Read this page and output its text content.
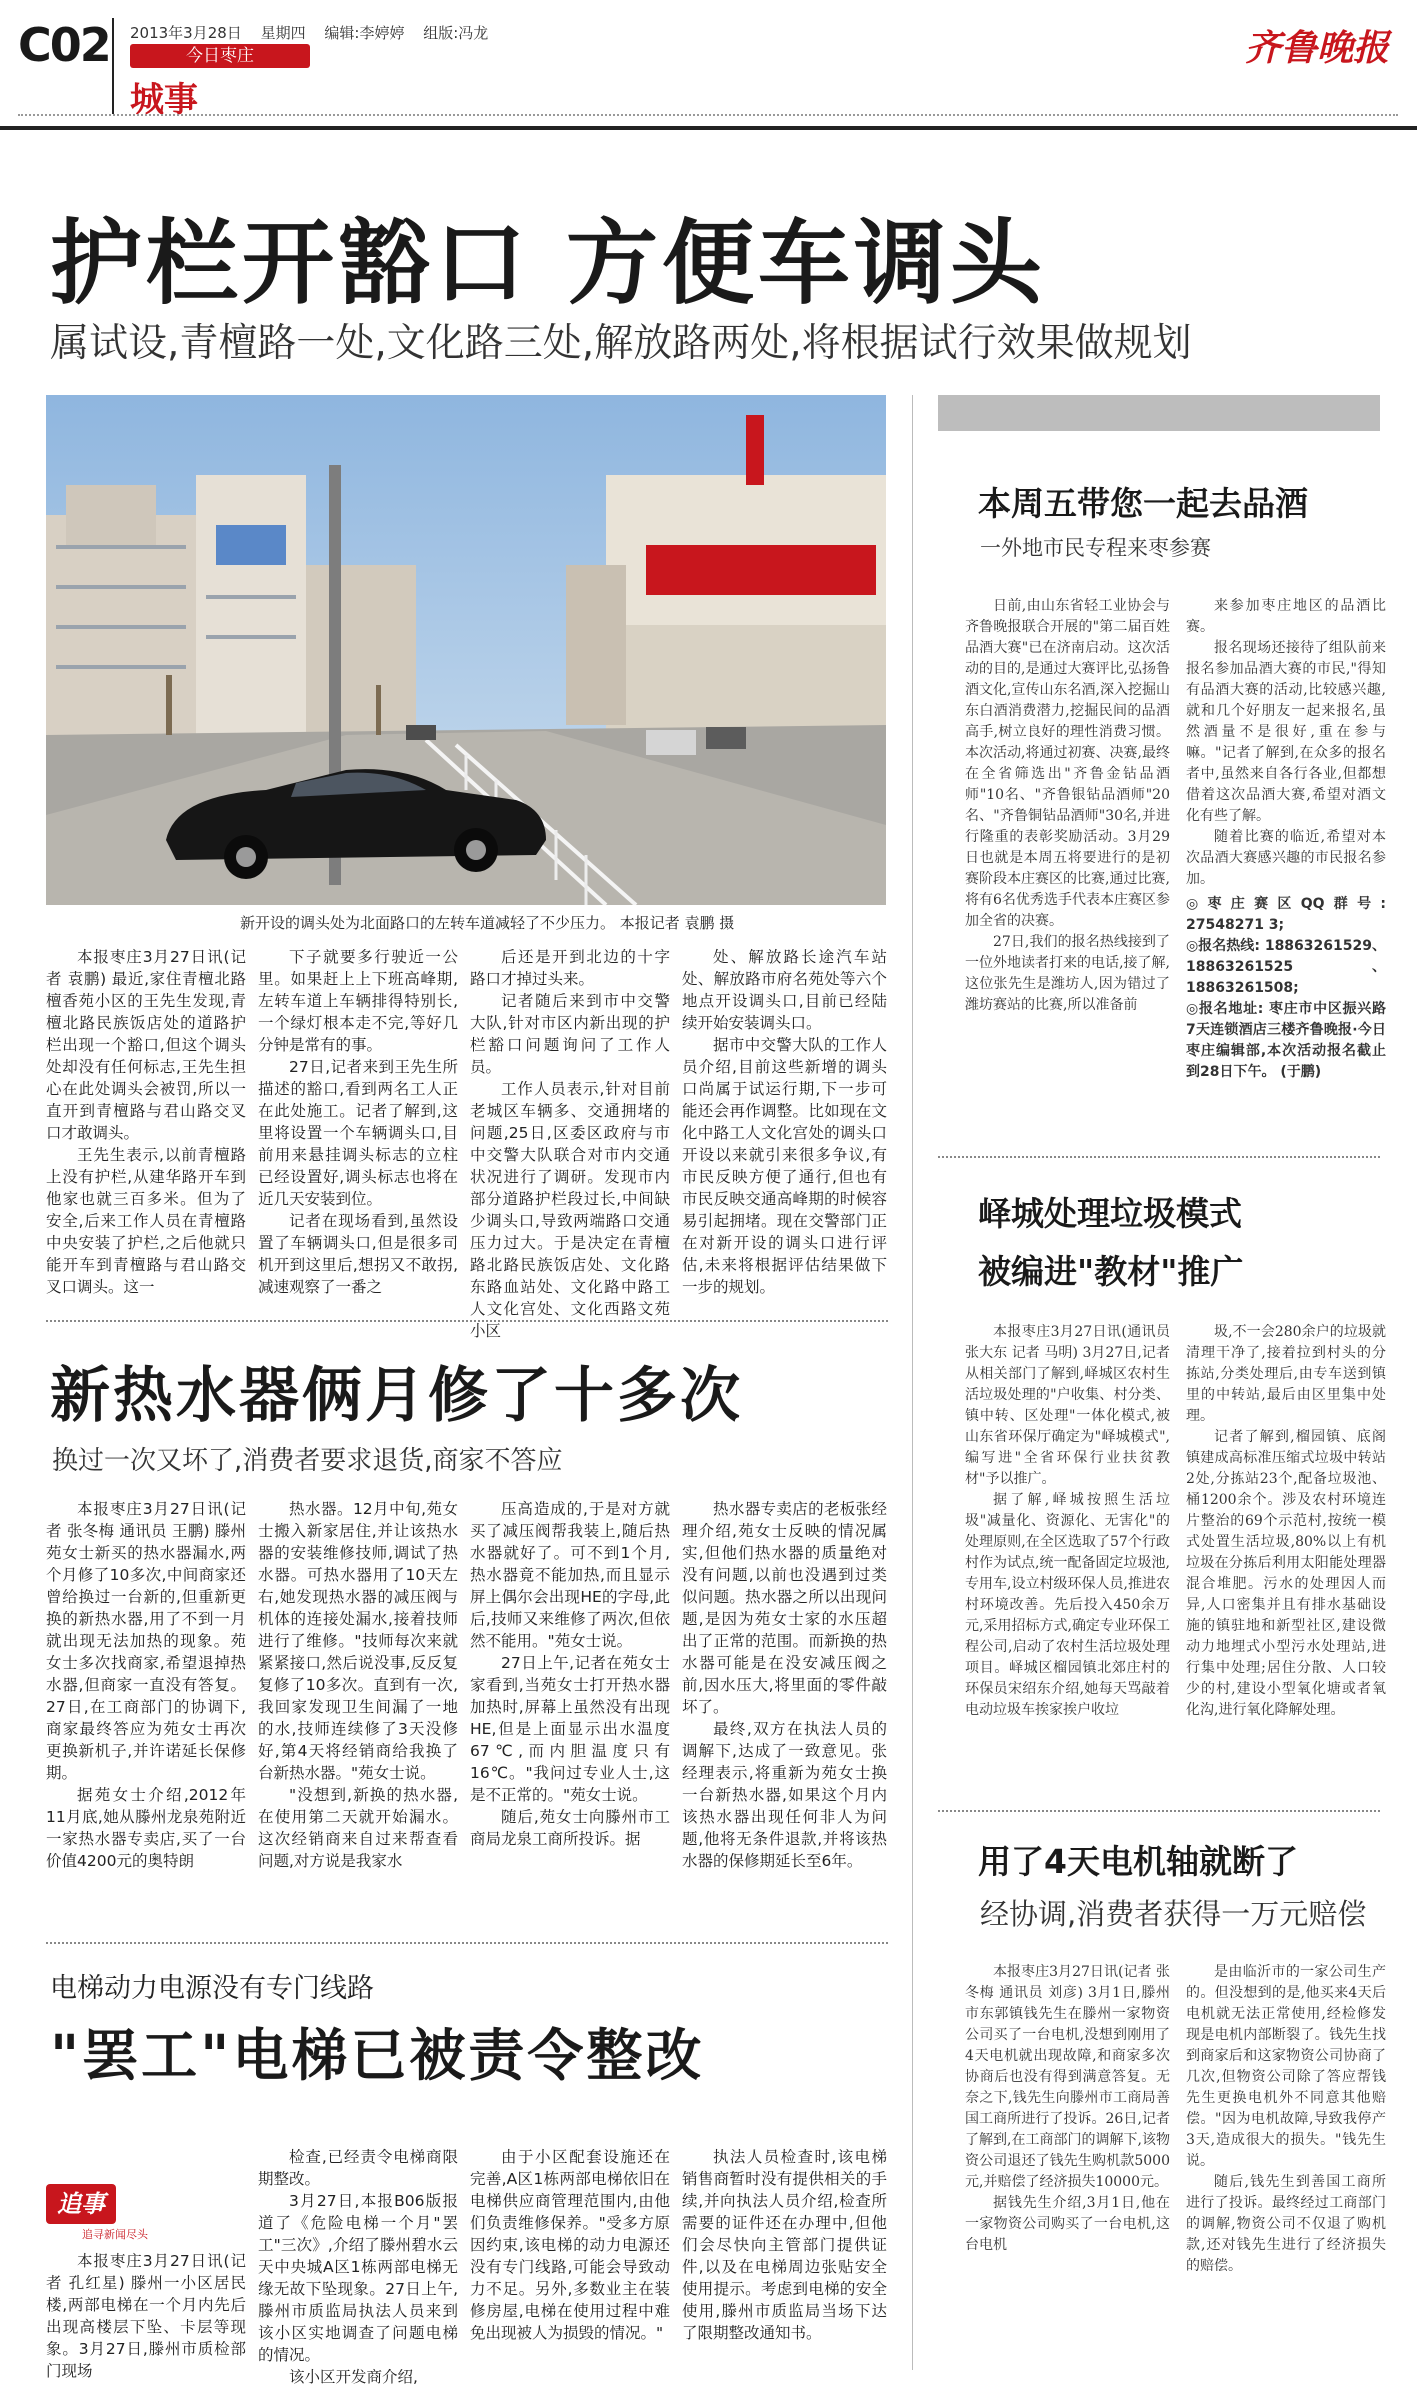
C02 2013年3月28日 星期四 编辑:李婷婷 组版:冯龙
今日枣庄
城事
齐鲁晚报
护栏开豁口 方便车调头
属试设,青檀路一处,文化路三处,解放路两处,将根据试行效果做规划
新开设的调头处为北面路口的左转车道减轻了不少压力。 本报记者 袁鹏 摄

本报枣庄3月27日讯(记者 袁鹏) 最近,家住青檀北路檀香苑小区的王先生发现,青檀北路民族饭店处的道路护栏出现一个豁口,但这个调头处却没有任何标志,王先生担心在此处调头会被罚,所以一直开到青檀路与君山路交叉口才敢调头。

王先生表示,以前青檀路上没有护栏,从建华路开车到他家也就三百多米。但为了安全,后来工作人员在青檀路中央安装了护栏,之后他就只能开车到青檀路与君山路交叉口调头。这一

下子就要多行驶近一公里。如果赶上上下班高峰期,左转车道上车辆排得特别长,一个绿灯根本走不完,等好几分钟是常有的事。

27日,记者来到王先生所描述的豁口,看到两名工人正在此处施工。记者了解到,这里将设置一个车辆调头口,目前用来悬挂调头标志的立柱已经设置好,调头标志也将在近几天安装到位。

记者在现场看到,虽然设置了车辆调头口,但是很多司机开到这里后,想拐又不敢拐,减速观察了一番之

后还是开到北边的十字路口才掉过头来。

记者随后来到市中交警大队,针对市区内新出现的护栏豁口问题询问了工作人员。

工作人员表示,针对目前老城区车辆多、交通拥堵的问题,25日,区委区政府与市中交警大队联合对市内交通状况进行了调研。发现市内部分道路护栏段过长,中间缺少调头口,导致两端路口交通压力过大。于是决定在青檀路北路民族饭店处、文化路东路血站处、文化路中路工人文化宫处、文化西路文苑小区

处、解放路长途汽车站处、解放路市府名苑处等六个地点开设调头口,目前已经陆续开始安装调头口。

据市中交警大队的工作人员介绍,目前这些新增的调头口尚属于试运行期,下一步可能还会再作调整。比如现在文化中路工人文化宫处的调头口开设以来就引来很多争议,有市民反映方便了通行,但也有市民反映交通高峰期的时候容易引起拥堵。现在交警部门正在对新开设的调头口进行评估,未来将根据评估结果做下一步的规划。

本周五带您一起去品酒
一外地市民专程来枣参赛

日前,由山东省轻工业协会与齐鲁晚报联合开展的"第二届百姓品酒大赛"已在济南启动。这次活动的目的,是通过大赛评比,弘扬鲁酒文化,宣传山东名酒,深入挖掘山东白酒消费潜力,挖掘民间的品酒高手,树立良好的理性消费习惯。本次活动,将通过初赛、决赛,最终在全省筛选出"齐鲁金钻品酒师"10名、"齐鲁银钻品酒师"20名、"齐鲁铜钻品酒师"30名,并进行隆重的表彰奖励活动。3月29日也就是本周五将要进行的是初赛阶段本庄赛区的比赛,通过比赛,将有6名优秀选手代表本庄赛区参加全省的决赛。

27日,我们的报名热线接到了一位外地读者打来的电话,接了解,这位张先生是潍坊人,因为错过了潍坊赛站的比赛,所以准备前

来参加枣庄地区的品酒比赛。

报名现场还接待了组队前来报名参加品酒大赛的市民,"得知有品酒大赛的活动,比较感兴趣,就和几个好朋友一起来报名,虽然酒量不是很好,重在参与嘛。"记者了解到,在众多的报名者中,虽然来自各行各业,但都想借着这次品酒大赛,希望对酒文化有些了解。

随着比赛的临近,希望对本次品酒大赛感兴趣的市民报名参加。

◎枣庄赛区QQ群号: 27548271 3;
◎报名热线: 18863261529、18863261525、18863261508;
◎报名地址: 枣庄市中区振兴路7天连锁酒店三楼齐鲁晚报·今日枣庄编辑部,本次活动报名截止到28日下午。 (于鹏)
峄城处理垃圾模式
被编进"教材"推广

本报枣庄3月27日讯(通讯员 张大东 记者 马明) 3月27日,记者从相关部门了解到,峄城区农村生活垃圾处理的"户收集、村分类、镇中转、区处理"一体化模式,被山东省环保厅确定为"峄城模式",编写进"全省环保行业扶贫教材"予以推广。

据了解,峄城按照生活垃圾"减量化、资源化、无害化"的处理原则,在全区选取了57个行政村作为试点,统一配备固定垃圾池,专用车,设立村级环保人员,推进农村环境改善。先后投入450余万元,采用招标方式,确定专业环保工程公司,启动了农村生活垃圾处理项目。峄城区榴园镇北郊庄村的环保员宋绍东介绍,她每天骂敲着电动垃圾车挨家挨户收垃

圾,不一会280余户的垃圾就清理干净了,接着拉到村头的分拣站,分类处理后,由专车送到镇里的中转站,最后由区里集中处理。

记者了解到,榴园镇、底阁镇建成高标准压缩式垃圾中转站2处,分拣站23个,配备垃圾池、桶1200余个。涉及农村环境连片整治的69个示范村,按统一模式处置生活垃圾,80%以上有机垃圾在分拣后利用太阳能处理器混合堆肥。污水的处理因人而异,人口密集并且有排水基础设施的镇驻地和新型社区,建设微动力地埋式小型污水处理站,进行集中处理;居住分散、人口较少的村,建设小型氧化塘或者氧化沟,进行氧化降解处理。

用了4天电机轴就断了
经协调,消费者获得一万元赔偿

本报枣庄3月27日讯(记者 张冬梅 通讯员 刘彦) 3月1日,滕州市东郭镇钱先生在滕州一家物资公司买了一台电机,没想到刚用了4天电机就出现故障,和商家多次协商后也没有得到满意答复。无奈之下,钱先生向滕州市工商局善国工商所进行了投诉。26日,记者了解到,在工商部门的调解下,该物资公司退还了钱先生购机款5000元,并赔偿了经济损失10000元。

据钱先生介绍,3月1日,他在一家物资公司购买了一台电机,这台电机

是由临沂市的一家公司生产的。但没想到的是,他买来4天后电机就无法正常使用,经检修发现是电机内部断裂了。钱先生找到商家后和这家物资公司协商了几次,但物资公司除了答应帮钱先生更换电机外不同意其他赔偿。"因为电机故障,导致我停产3天,造成很大的损失。"钱先生说。

随后,钱先生到善国工商所进行了投诉。最终经过工商部门的调解,物资公司不仅退了购机款,还对钱先生进行了经济损失的赔偿。

新热水器俩月修了十多次
换过一次又坏了,消费者要求退货,商家不答应

本报枣庄3月27日讯(记者 张冬梅 通讯员 王鹏) 滕州苑女士新买的热水器漏水,两个月修了10多次,中间商家还曾给换过一台新的,但重新更换的新热水器,用了不到一月就出现无法加热的现象。苑女士多次找商家,希望退掉热水器,但商家一直没有答复。27日,在工商部门的协调下,商家最终答应为苑女士再次更换新机子,并许诺延长保修期。

据苑女士介绍,2012年11月底,她从滕州龙泉苑附近一家热水器专卖店,买了一台价值4200元的奥特朗

热水器。12月中旬,苑女士搬入新家居住,并让该热水器的安装维修技师,调试了热水器。可热水器用了10天左右,她发现热水器的减压阀与机体的连接处漏水,接着技师进行了维修。"技师每次来就紧紧接口,然后说没事,反反复复修了10多次。直到有一次,我回家发现卫生间漏了一地的水,技师连续修了3天没修好,第4天将经销商给我换了台新热水器。"苑女士说。

"没想到,新换的热水器,在使用第二天就开始漏水。这次经销商来自过来帮查看问题,对方说是我家水

压高造成的,于是对方就买了减压阀帮我装上,随后热水器就好了。可不到1个月,热水器竟不能加热,而且显示屏上偶尔会出现HE的字母,此后,技师又来维修了两次,但依然不能用。"苑女士说。

27日上午,记者在苑女士家看到,当苑女士打开热水器加热时,屏幕上虽然没有出现HE,但是上面显示出水温度67℃,而内胆温度只有16℃。"我问过专业人士,这是不正常的。"苑女士说。

随后,苑女士向滕州市工商局龙泉工商所投诉。据

热水器专卖店的老板张经理介绍,苑女士反映的情况属实,但他们热水器的质量绝对没有问题,以前也没遇到过类似问题。热水器之所以出现问题,是因为苑女士家的水压超出了正常的范围。而新换的热水器可能是在没安减压阀之前,因水压大,将里面的零件敲坏了。

最终,双方在执法人员的调解下,达成了一致意见。张经理表示,将重新为苑女士换一台新热水器,如果这个月内该热水器出现任何非人为问题,他将无条件退款,并将该热水器的保修期延长至6年。

电梯动力电源没有专门线路
"罢工"电梯已被责令整改
追事
追寻新闻尽头

本报枣庄3月27日讯(记者 孔红星) 滕州一小区居民楼,两部电梯在一个月内先后出现高楼层下坠、卡层等现象。3月27日,滕州市质检部门现场

检查,已经责令电梯商限期整改。

3月27日,本报B06版报道了《危险电梯一个月"罢工"三次》,介绍了滕州碧水云天中央城A区1栋两部电梯无缘无故下坠现象。27日上午,滕州市质监局执法人员来到该小区实地调查了问题电梯的情况。

该小区开发商介绍,

由于小区配套设施还在完善,A区1栋两部电梯依旧在电梯供应商管理范围内,由他们负责维修保养。"受多方原因约束,该电梯的动力电源还没有专门线路,可能会导致动力不足。另外,多数业主在装修房屋,电梯在使用过程中难免出现被人为损毁的情况。"

执法人员检查时,该电梯销售商暂时没有提供相关的手续,并向执法人员介绍,检查所需要的证件还在办理中,但他们会尽快向主管部门提供证件,以及在电梯周边张贴安全使用提示。考虑到电梯的安全使用,滕州市质监局当场下达了限期整改通知书。
